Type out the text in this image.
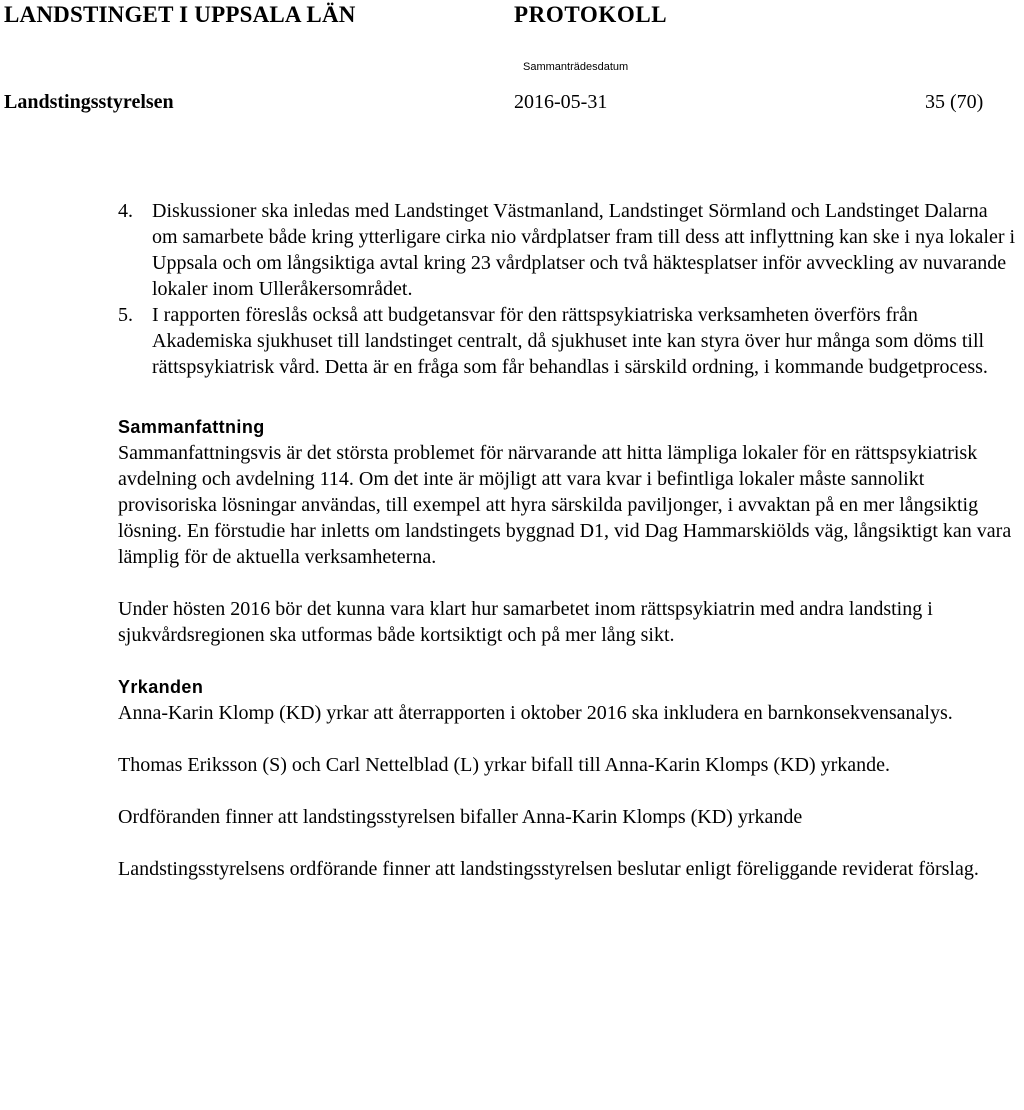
LANDSTINGET I UPPSALA LÄN	PROTOKOLL
Sammanträdesdatum
Landstingsstyrelsen	2016-05-31	35 (70)
4. Diskussioner ska inledas med Landstinget Västmanland, Landstinget Sörmland och Landstinget Dalarna om samarbete både kring ytterligare cirka nio vårdplatser fram till dess att inflyttning kan ske i nya lokaler i Uppsala och om långsiktiga avtal kring 23 vårdplatser och två häktesplatser inför avveckling av nuvarande lokaler inom Ulleråkersområdet.
5. I rapporten föreslås också att budgetansvar för den rättspsykiatriska verksamheten överförs från Akademiska sjukhuset till landstinget centralt, då sjukhuset inte kan styra över hur många som döms till rättspsykiatrisk vård. Detta är en fråga som får behandlas i särskild ordning, i kommande budgetprocess.
Sammanfattning

Sammanfattningsvis är det största problemet för närvarande att hitta lämpliga lokaler för en rättspsykiatrisk avdelning och avdelning 114. Om det inte är möjligt att vara kvar i befintliga lokaler måste sannolikt provisoriska lösningar användas, till exempel att hyra särskilda paviljonger, i avvaktan på en mer långsiktig lösning. En förstudie har inletts om landstingets byggnad D1, vid Dag Hammarskiölds väg, långsiktigt kan vara lämplig för de aktuella verksamheterna.

Under hösten 2016 bör det kunna vara klart hur samarbetet inom rättspsykiatrin med andra landsting i sjukvårdsregionen ska utformas både kortsiktigt och på mer lång sikt.

Yrkanden

Anna-Karin Klomp (KD) yrkar att återrapporten i oktober 2016 ska inkludera en barnkonsekvensanalys.

Thomas Eriksson (S) och Carl Nettelblad (L) yrkar bifall till Anna-Karin Klomps (KD) yrkande.

Ordföranden finner att landstingsstyrelsen bifaller Anna-Karin Klomps (KD) yrkande

Landstingsstyrelsens ordförande finner att landstingsstyrelsen beslutar enligt föreliggande reviderat förslag.
